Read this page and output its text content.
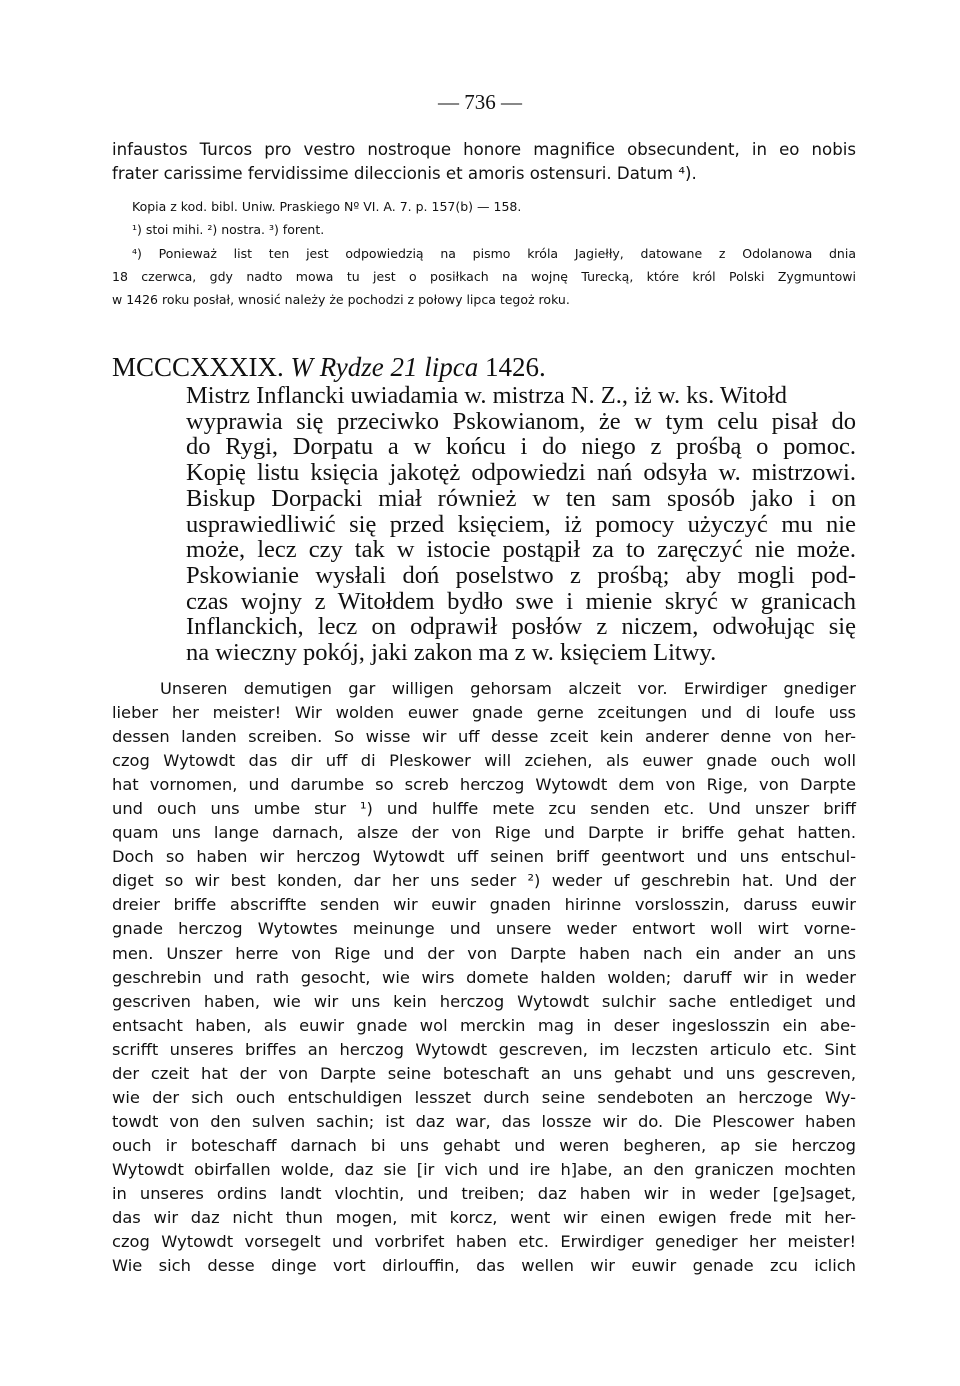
— 736 —
infaustos Turcos pro vestro nostroque honore magnifice obsecundent, in eo nobis
frater carissime fervidissime dileccionis et amoris ostensuri. Datum ⁴).
Kopia z kod. bibl. Uniw. Praskiego Nº VI. A. 7. p. 157(b) — 158.
¹) stoi mihi. ²) nostra. ³) forent.
⁴) Ponieważ list ten jest odpowiedzią na pismo króla Jagiełły, datowane z Odolanowa dnia
18 czerwca, gdy nadto mowa tu jest o posiłkach na wojnę Turecką, które król Polski Zygmuntowi
w 1426 roku posłał, wnosić należy że pochodzi z połowy lipca tegoż roku.
MCCCXXXIX. W Rydze 21 lipca 1426.
Mistrz Inflancki uwiadamia w. mistrza N. Z., iż w. ks. Witołd
wyprawia się przeciwko Pskowianom, że w tym celu pisał do
do Rygi, Dorpatu a w końcu i do niego z prośbą o pomoc.
Kopię listu księcia jakotęż odpowiedzi nań odsyła w. mistrzowi.
Biskup Dorpacki miał również w ten sam sposób jako i on
usprawiedliwić się przed księciem, iż pomocy użyczyć mu nie
może, lecz czy tak w istocie postąpił za to zaręczyć nie może.
Pskowianie wysłali doń poselstwo z prośbą; aby mogli pod-
czas wojny z Witołdem bydło swe i mienie skryć w granicach
Inflanckich, lecz on odprawił posłów z niczem, odwołując się
na wieczny pokój, jaki zakon ma z w. księciem Litwy.
Unseren demutigen gar willigen gehorsam alczeit vor. Erwirdiger gnediger
lieber her meister! Wir wolden euwer gnade gerne zceitungen und di loufe uss
dessen landen screiben. So wisse wir uff desse zceit kein anderer denne von her-
czog Wytowdt das dir uff di Pleskower will zciehen, als euwer gnade ouch woll
hat vornomen, und darumbe so screb herczog Wytowdt dem von Rige, von Darpte
und ouch uns umbe stur ¹) und hulffe mete zcu senden etc. Und unszer briff
quam uns lange darnach, alsze der von Rige und Darpte ir briffe gehat hatten.
Doch so haben wir herczog Wytowdt uff seinen briff geentwort und uns entschul-
diget so wir best konden, dar her uns seder ²) weder uf geschrebin hat. Und der
dreier briffe abscriffte senden wir euwir gnaden hirinne vorslosszin, daruss euwir
gnade herczog Wytowtes meinunge und unsere weder entwort woll wirt vorne-
men. Unszer herre von Rige und der von Darpte haben nach ein ander an uns
geschrebin und rath gesocht, wie wirs domete halden wolden; daruff wir in weder
gescriven haben, wie wir uns kein herczog Wytowdt sulchir sache entlediget und
entsacht haben, als euwir gnade wol merckin mag in deser ingeslosszin ein abe-
scrifft unseres briffes an herczog Wytowdt gescreven, im leczsten articulo etc. Sint
der czeit hat der von Darpte seine boteschaft an uns gehabt und uns gescreven,
wie der sich ouch entschuldigen lesszet durch seine sendeboten an herczoge Wy-
towdt von den sulven sachin; ist daz war, das lossze wir do. Die Plescower haben
ouch ir boteschaff darnach bi uns gehabt und weren begheren, ap sie herczog
Wytowdt obirfallen wolde, daz sie [ir vich und ire h]abe, an den graniczen mochten
in unseres ordins landt vlochtin, und treiben; daz haben wir in weder [ge]saget,
das wir daz nicht thun mogen, mit korcz, went wir einen ewigen frede mit her-
czog Wytowdt vorsegelt und vorbrifet haben etc. Erwirdiger genediger her meister!
Wie sich desse dinge vort dirlouffin, das wellen wir euwir genade zcu iclich
